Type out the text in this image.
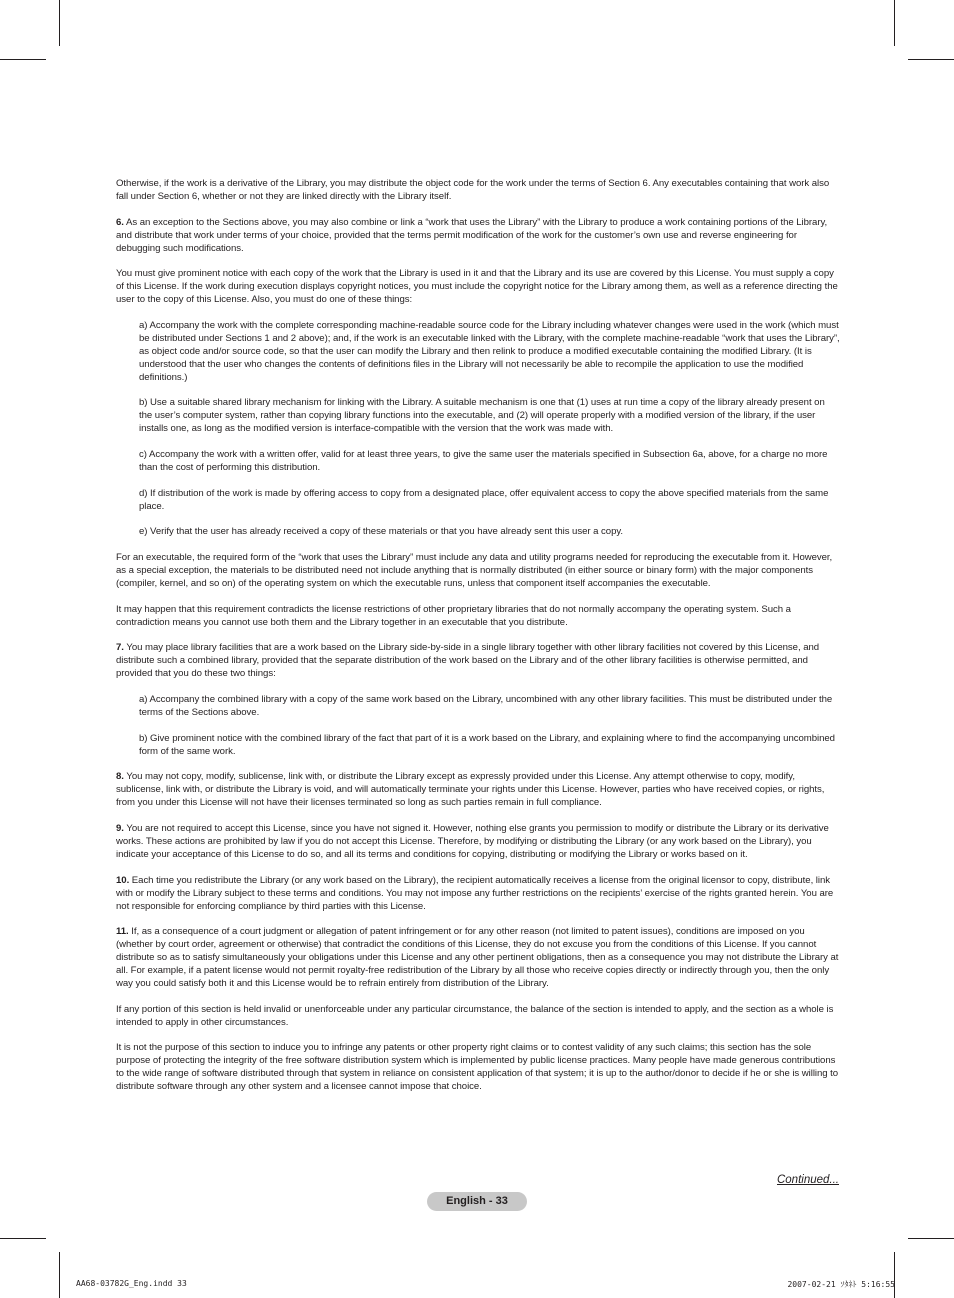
Otherwise, if the work is a derivative of the Library, you may distribute the object code for the work under the terms of Section 6. Any executables containing that work also fall under Section 6, whether or not they are linked directly with the Library itself.

6. As an exception to the Sections above, you may also combine or link a “work that uses the Library” with the Library to produce a work containing portions of the Library, and distribute that work under terms of your choice, provided that the terms permit modification of the work for the customer’s own use and reverse engineering for debugging such modifications.

You must give prominent notice with each copy of the work that the Library is used in it and that the Library and its use are covered by this License. You must supply a copy of this License. If the work during execution displays copyright notices, you must include the copyright notice for the Library among them, as well as a reference directing the user to the copy of this License. Also, you must do one of these things:

a) Accompany the work with the complete corresponding machine-readable source code for the Library including whatever changes were used in the work (which must be distributed under Sections 1 and 2 above); and, if the work is an executable linked with the Library, with the complete machine-readable “work that uses the Library”, as object code and/or source code, so that the user can modify the Library and then relink to produce a modified executable containing the modified Library. (It is understood that the user who changes the contents of definitions files in the Library will not necessarily be able to recompile the application to use the modified definitions.)

b) Use a suitable shared library mechanism for linking with the Library. A suitable mechanism is one that (1) uses at run time a copy of the library already present on the user’s computer system, rather than copying library functions into the executable, and (2) will operate properly with a modified version of the library, if the user installs one, as long as the modified version is interface-compatible with the version that the work was made with.

c) Accompany the work with a written offer, valid for at least three years, to give the same user the materials specified in Subsection 6a, above, for a charge no more than the cost of performing this distribution.

d) If distribution of the work is made by offering access to copy from a designated place, offer equivalent access to copy the above specified materials from the same place.

e) Verify that the user has already received a copy of these materials or that you have already sent this user a copy.

For an executable, the required form of the “work that uses the Library” must include any data and utility programs needed for reproducing the executable from it. However, as a special exception, the materials to be distributed need not include anything that is normally distributed (in either source or binary form) with the major components (compiler, kernel, and so on) of the operating system on which the executable runs, unless that component itself accompanies the executable.

It may happen that this requirement contradicts the license restrictions of other proprietary libraries that do not normally accompany the operating system. Such a contradiction means you cannot use both them and the Library together in an executable that you distribute.

7. You may place library facilities that are a work based on the Library side-by-side in a single library together with other library facilities not covered by this License, and distribute such a combined library, provided that the separate distribution of the work based on the Library and of the other library facilities is otherwise permitted, and provided that you do these two things:

a) Accompany the combined library with a copy of the same work based on the Library, uncombined with any other library facilities. This must be distributed under the terms of the Sections above.

b) Give prominent notice with the combined library of the fact that part of it is a work based on the Library, and explaining where to find the accompanying uncombined form of the same work.

8. You may not copy, modify, sublicense, link with, or distribute the Library except as expressly provided under this License. Any attempt otherwise to copy, modify, sublicense, link with, or distribute the Library is void, and will automatically terminate your rights under this License. However, parties who have received copies, or rights, from you under this License will not have their licenses terminated so long as such parties remain in full compliance.

9. You are not required to accept this License, since you have not signed it. However, nothing else grants you permission to modify or distribute the Library or its derivative works. These actions are prohibited by law if you do not accept this License. Therefore, by modifying or distributing the Library (or any work based on the Library), you indicate your acceptance of this License to do so, and all its terms and conditions for copying, distributing or modifying the Library or works based on it.

10. Each time you redistribute the Library (or any work based on the Library), the recipient automatically receives a license from the original licensor to copy, distribute, link with or modify the Library subject to these terms and conditions. You may not impose any further restrictions on the recipients’ exercise of the rights granted herein. You are not responsible for enforcing compliance by third parties with this License.

11. If, as a consequence of a court judgment or allegation of patent infringement or for any other reason (not limited to patent issues), conditions are imposed on you (whether by court order, agreement or otherwise) that contradict the conditions of this License, they do not excuse you from the conditions of this License. If you cannot distribute so as to satisfy simultaneously your obligations under this License and any other pertinent obligations, then as a consequence you may not distribute the Library at all. For example, if a patent license would not permit royalty-free redistribution of the Library by all those who receive copies directly or indirectly through you, then the only way you could satisfy both it and this License would be to refrain entirely from distribution of the Library.

If any portion of this section is held invalid or unenforceable under any particular circumstance, the balance of the section is intended to apply, and the section as a whole is intended to apply in other circumstances.

It is not the purpose of this section to induce you to infringe any patents or other property right claims or to contest validity of any such claims; this section has the sole purpose of protecting the integrity of the free software distribution system which is implemented by public license practices. Many people have made generous contributions to the wide range of software distributed through that system in reliance on consistent application of that system; it is up to the author/donor to decide if he or she is willing to distribute software through any other system and a licensee cannot impose that choice.

Continued...
English - 33
AA68-03782G_Eng.indd 33	2007-02-21 ｿﾀﾈﾄ 5:16:55
